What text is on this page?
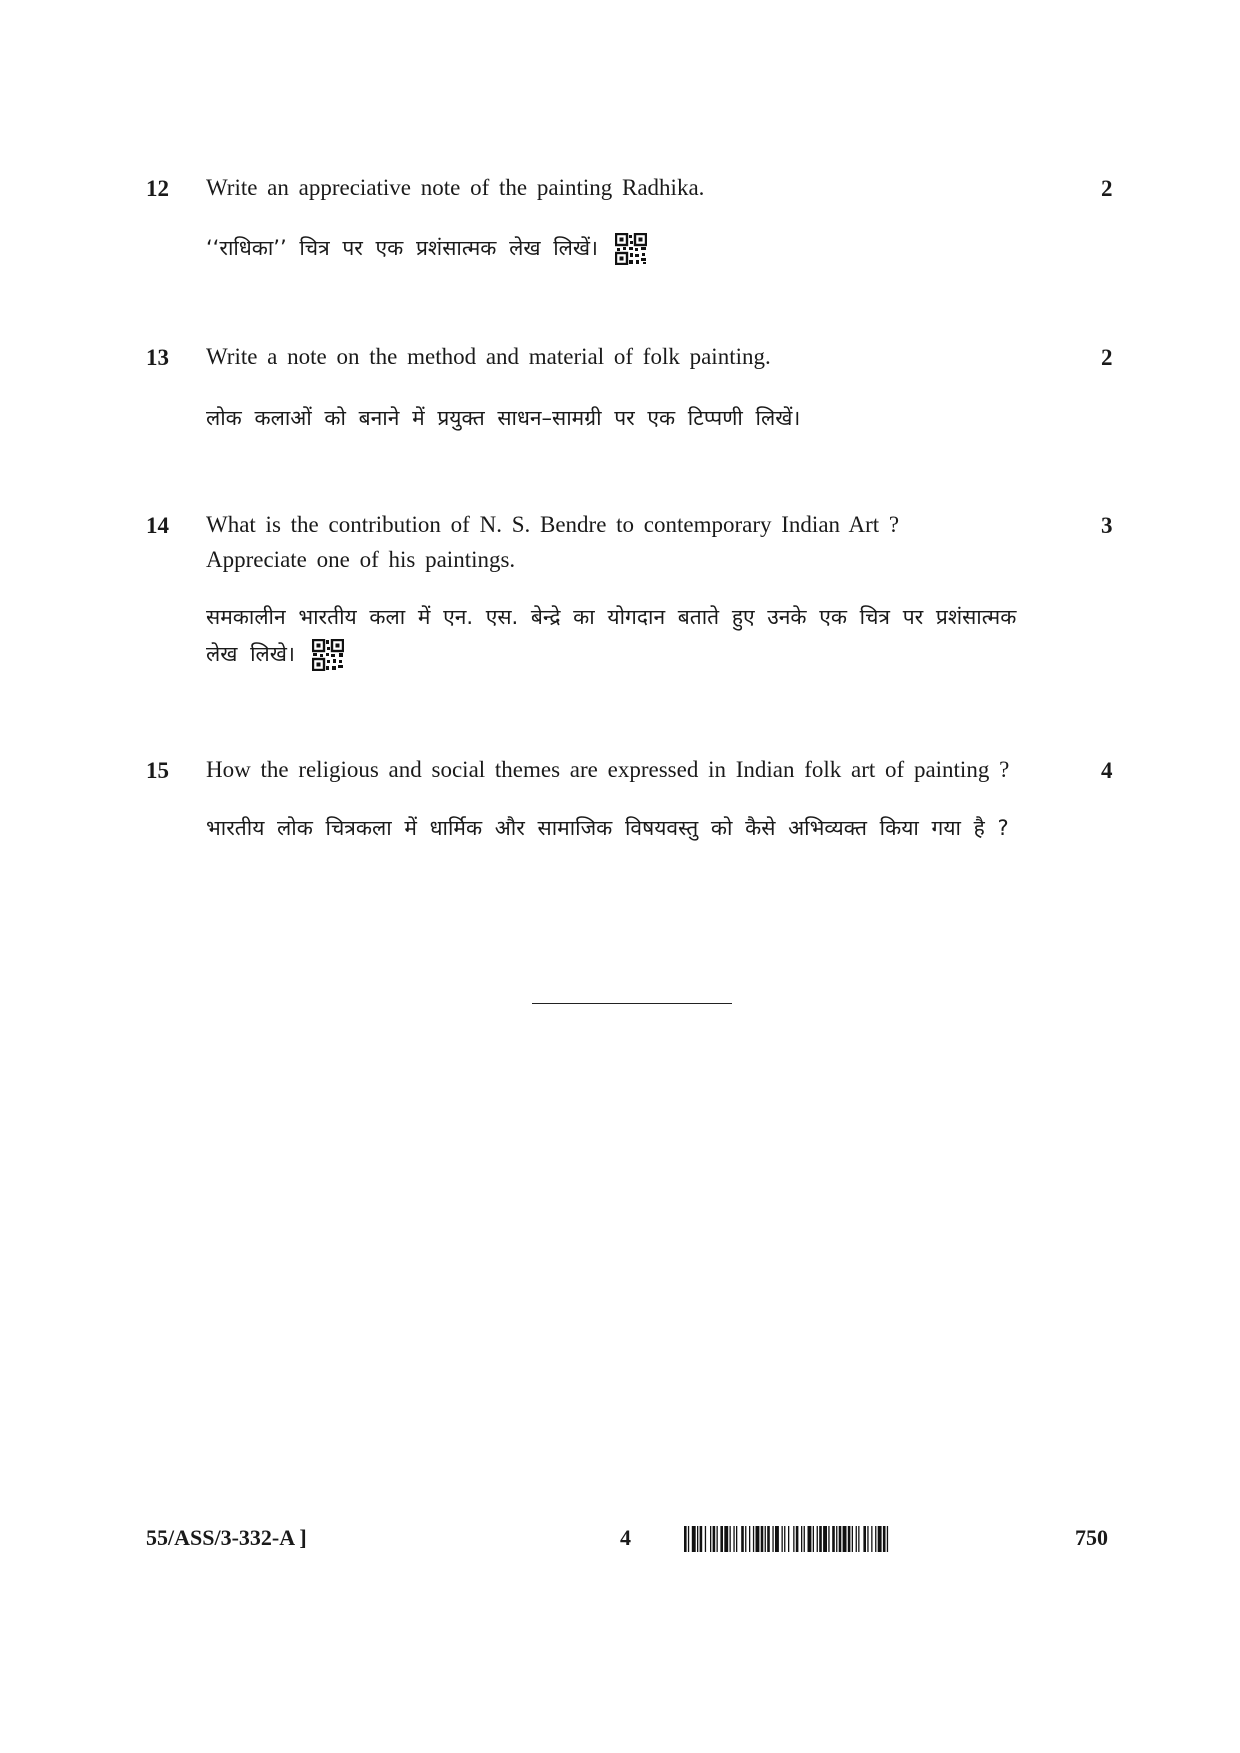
12 Write an appreciative note of the painting Radhika.	2
‘‘राधिका’’ चित्र पर एक प्रशंसात्मक लेख लिखें।
13 Write a note on the method and material of folk painting.	2
लोक कलाओं को बनाने में प्रयुक्त साधन–सामग्री पर एक टिप्पणी लिखें।
14 What is the contribution of N. S. Bendre to contemporary Indian Art ? Appreciate one of his paintings.
3
समकालीन भारतीय कला में एन. एस. बेन्द्रे का योगदान बताते हुए उनके एक चित्र पर प्रशंसात्मक लेख लिखे।
15 How the religious and social themes are expressed in Indian folk art of painting ?	4
भारतीय लोक चित्रकला में धार्मिक और सामाजिक विषयवस्तु को कैसे अभिव्यक्त किया गया है ?
55/ASS/3-332-A ]	4	750
